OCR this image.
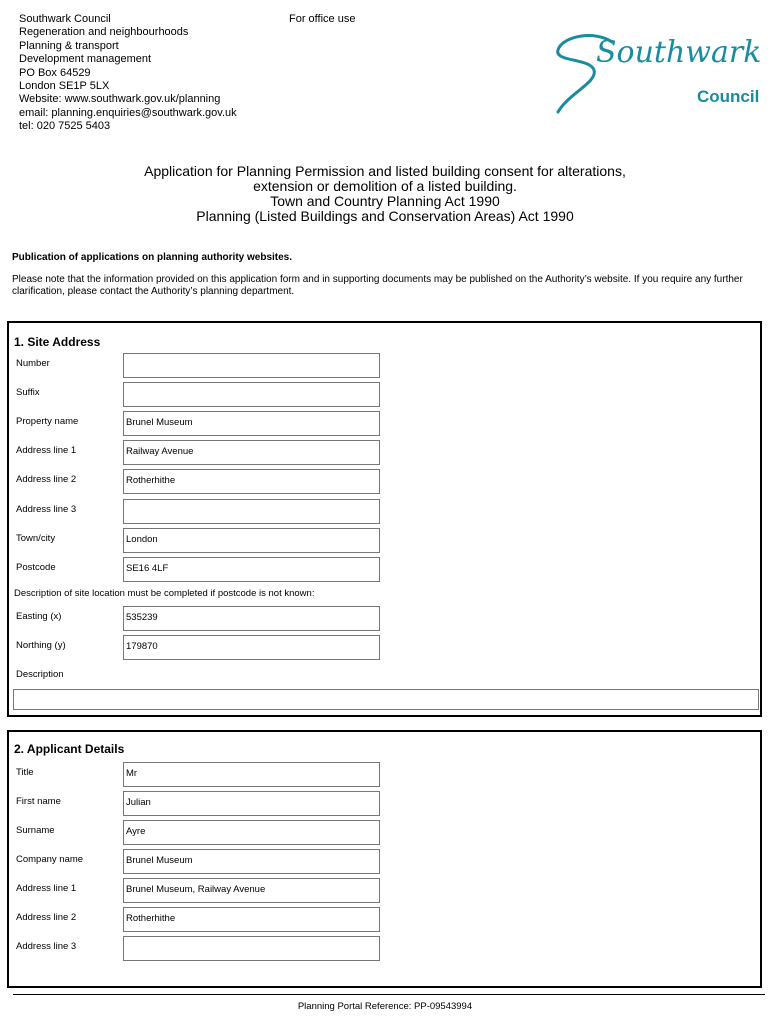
Southwark Council
Regeneration and neighbourhoods
Planning & transport
Development management
PO Box 64529
London SE1P 5LX
Website: www.southwark.gov.uk/planning
email: planning.enquiries@southwark.gov.uk
tel: 020 7525 5403
For office use
Southwark
Council
Application for Planning Permission and listed building consent for alterations,
extension or demolition of a listed building.
Town and Country Planning Act 1990
Planning (Listed Buildings and Conservation Areas) Act 1990
Publication of applications on planning authority websites.
Please note that the information provided on this application form and in supporting documents may be published on the Authority’s website. If you require any further clarification, please contact the Authority’s planning department.
1. Site Address
Number
Suffix
Property name	Brunel Museum
Address line 1	Railway Avenue
Address line 2	Rotherhithe
Address line 3
Town/city	London
Postcode	SE16 4LF
Description of site location must be completed if postcode is not known:
Easting (x)	535239
Northing (y)	179870
Description
2. Applicant Details
Title	Mr
First name	Julian
Surname	Ayre
Company name	Brunel Museum
Address line 1	Brunel Museum, Railway Avenue
Address line 2	Rotherhithe
Address line 3
Planning Portal Reference: PP-09543994
